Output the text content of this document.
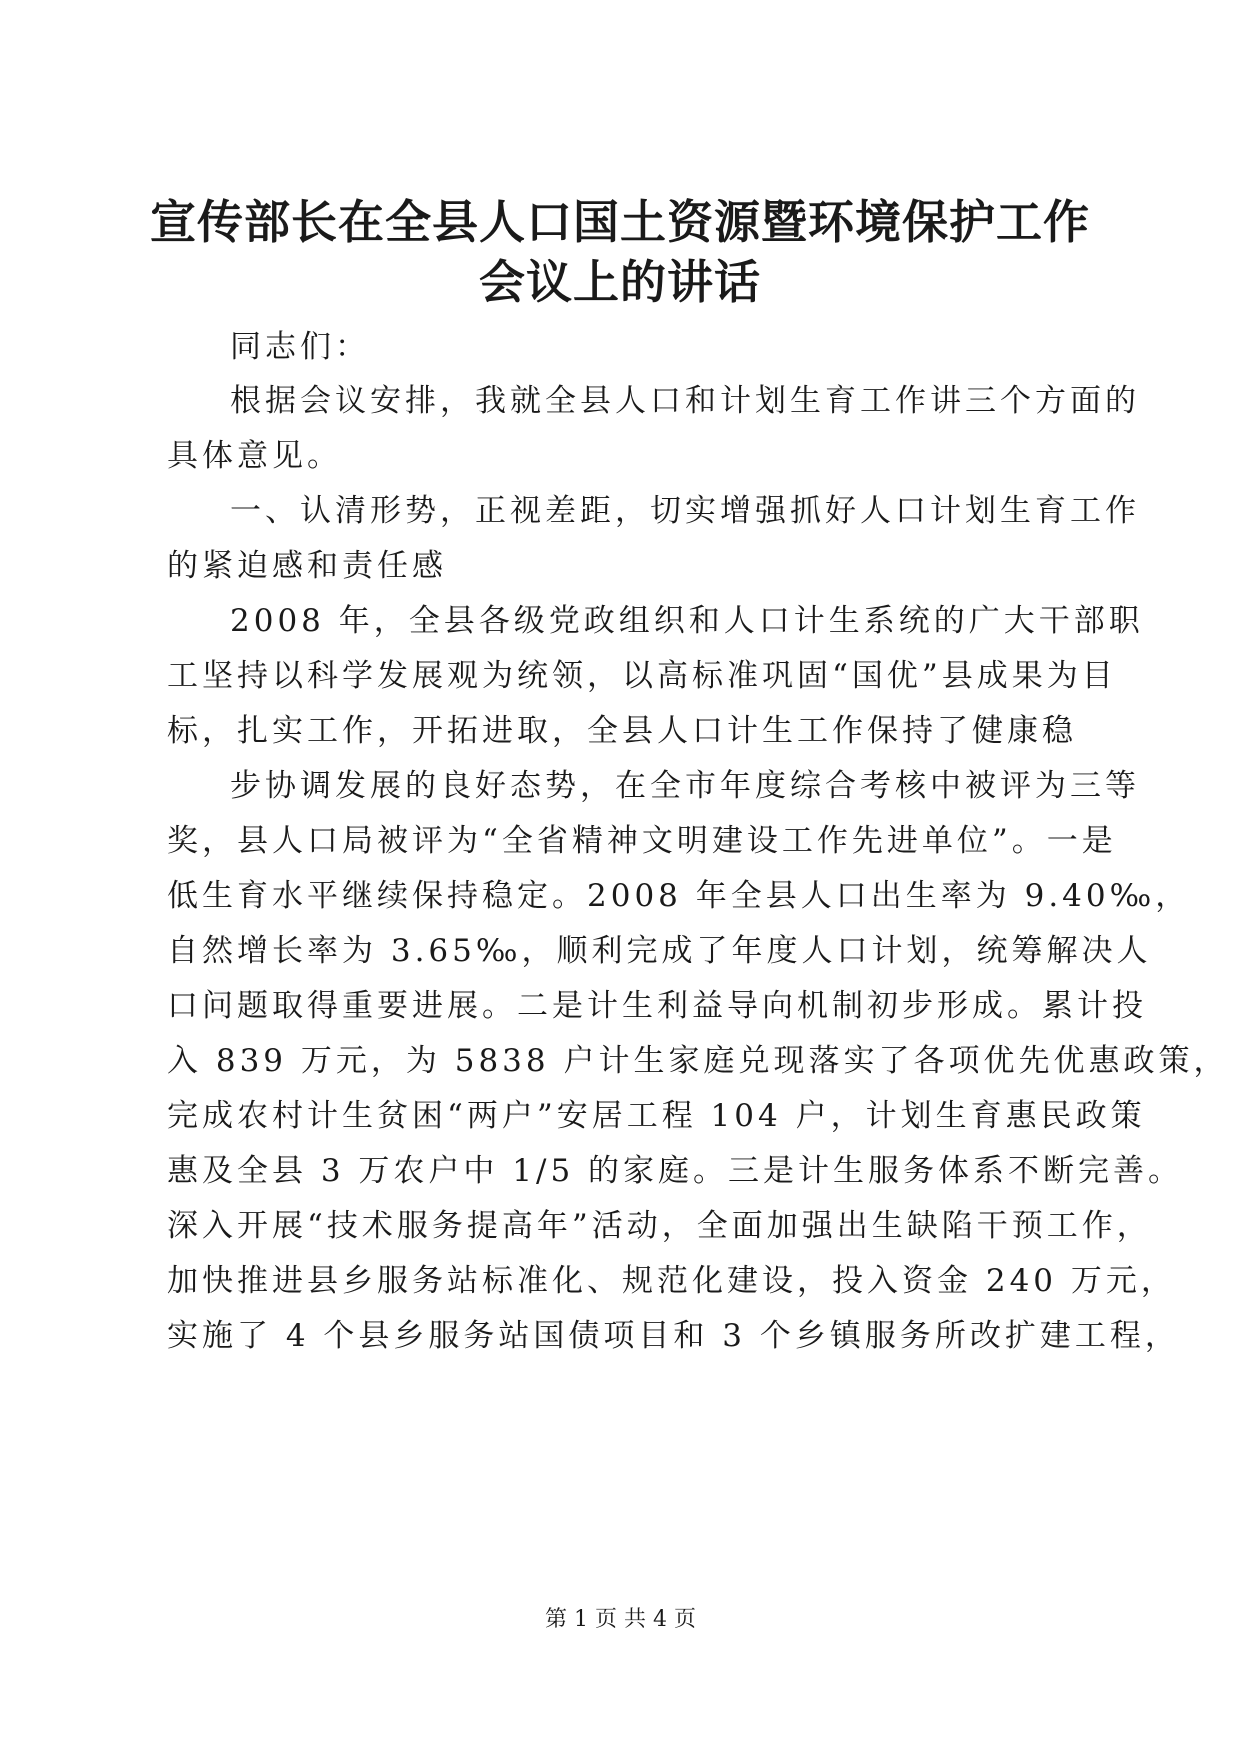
宣传部长在全县人口国土资源暨环境保护工作
会议上的讲话
同志们：
根据会议安排，我就全县人口和计划生育工作讲三个方面的
具体意见。
一、认清形势，正视差距，切实增强抓好人口计划生育工作
的紧迫感和责任感
2008 年，全县各级党政组织和人口计生系统的广大干部职
工坚持以科学发展观为统领，以高标准巩固“国优”县成果为目
标，扎实工作，开拓进取，全县人口计生工作保持了健康稳
步协调发展的良好态势，在全市年度综合考核中被评为三等
奖，县人口局被评为“全省精神文明建设工作先进单位”。一是
低生育水平继续保持稳定。2008 年全县人口出生率为 9.40‰，
自然增长率为 3.65‰，顺利完成了年度人口计划，统筹解决人
口问题取得重要进展。二是计生利益导向机制初步形成。累计投
入 839 万元，为 5838 户计生家庭兑现落实了各项优先优惠政策，
完成农村计生贫困“两户”安居工程 104 户，计划生育惠民政策
惠及全县 3 万农户中 1/5 的家庭。三是计生服务体系不断完善。
深入开展“技术服务提高年”活动，全面加强出生缺陷干预工作，
加快推进县乡服务站标准化、规范化建设，投入资金 240 万元，
实施了 4 个县乡服务站国债项目和 3 个乡镇服务所改扩建工程，
第 1 页 共 4 页
